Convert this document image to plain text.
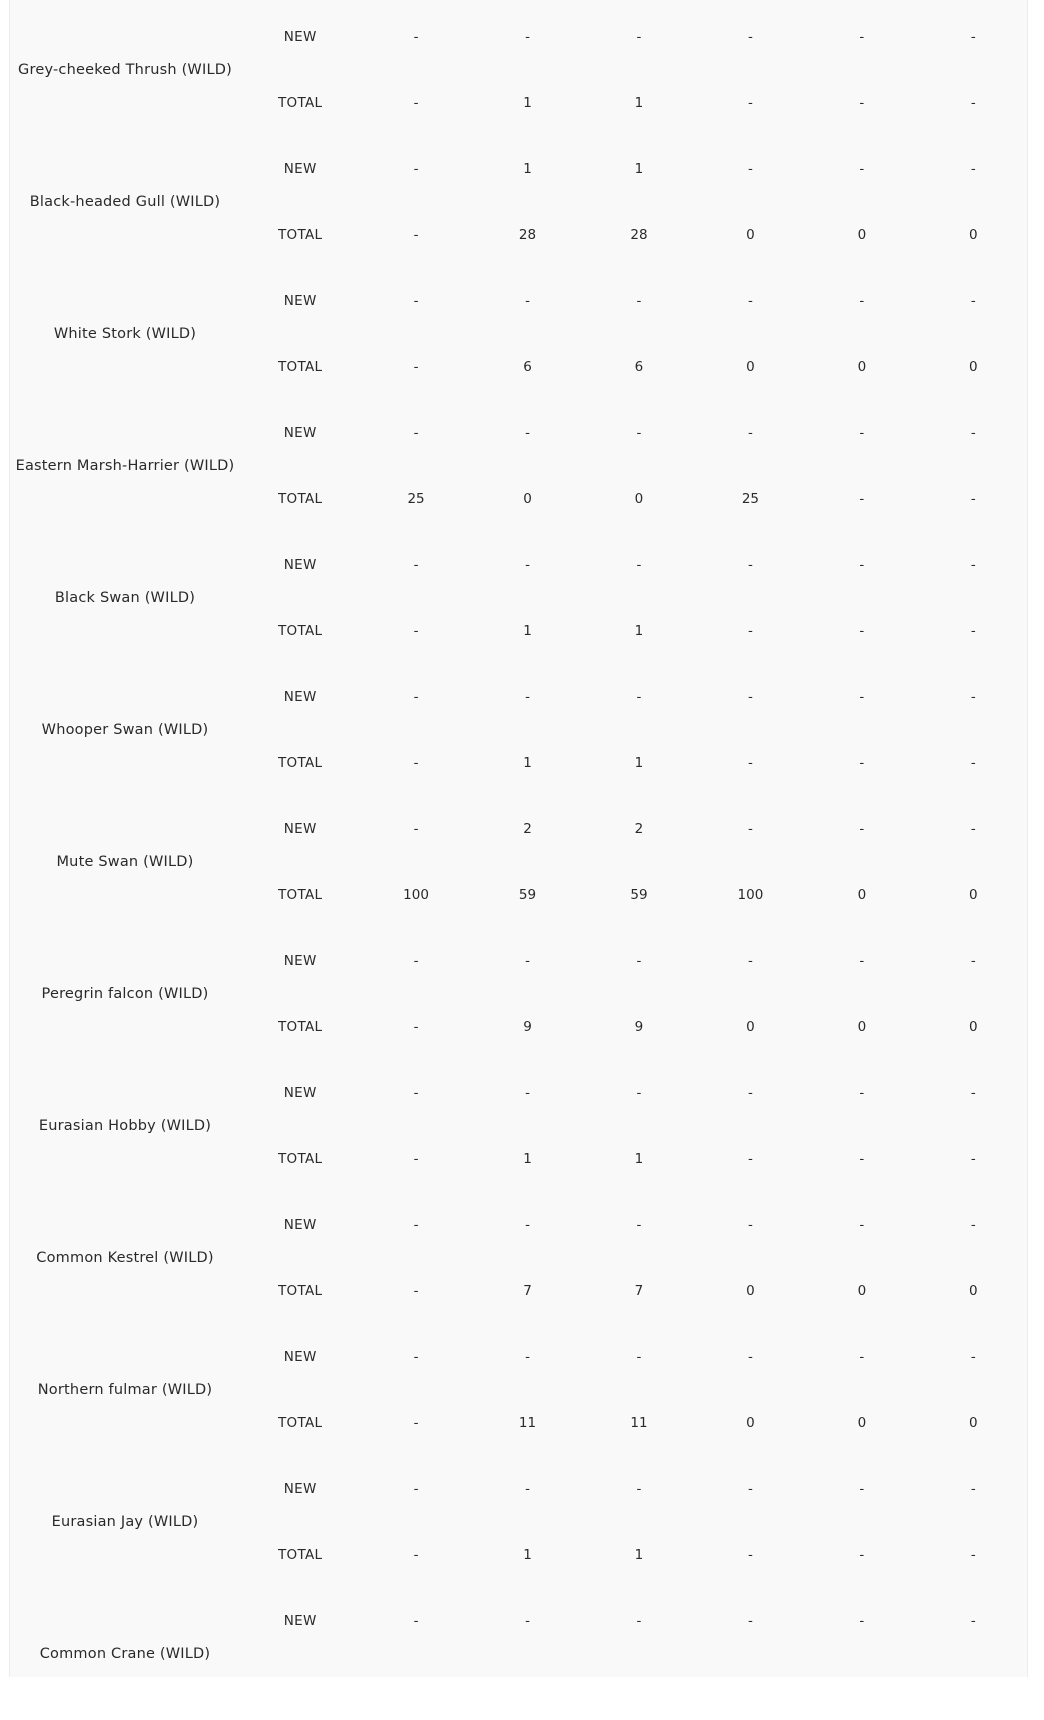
Grey-cheeked Thrush (WILD)
NEW	-	-	-	-	-	-
TOTAL	-	1	1	-	-	-
Black-headed Gull (WILD)
NEW	-	1	1	-	-	-
TOTAL	-	28	28	0	0	0
White Stork (WILD)
NEW	-	-	-	-	-	-
TOTAL	-	6	6	0	0	0
Eastern Marsh-Harrier (WILD)
NEW	-	-	-	-	-	-
TOTAL	25	0	0	25	-	-
Black Swan (WILD)
NEW	-	-	-	-	-	-
TOTAL	-	1	1	-	-	-
Whooper Swan (WILD)
NEW	-	-	-	-	-	-
TOTAL	-	1	1	-	-	-
Mute Swan (WILD)
NEW	-	2	2	-	-	-
TOTAL	100	59	59	100	0	0
Peregrin falcon (WILD)
NEW	-	-	-	-	-	-
TOTAL	-	9	9	0	0	0
Eurasian Hobby (WILD)
NEW	-	-	-	-	-	-
TOTAL	-	1	1	-	-	-
Common Kestrel (WILD)
NEW	-	-	-	-	-	-
TOTAL	-	7	7	0	0	0
Northern fulmar (WILD)
NEW	-	-	-	-	-	-
TOTAL	-	11	11	0	0	0
Eurasian Jay (WILD)
NEW	-	-	-	-	-	-
TOTAL	-	1	1	-	-	-
Common Crane (WILD)
NEW	-	-	-	-	-	-
